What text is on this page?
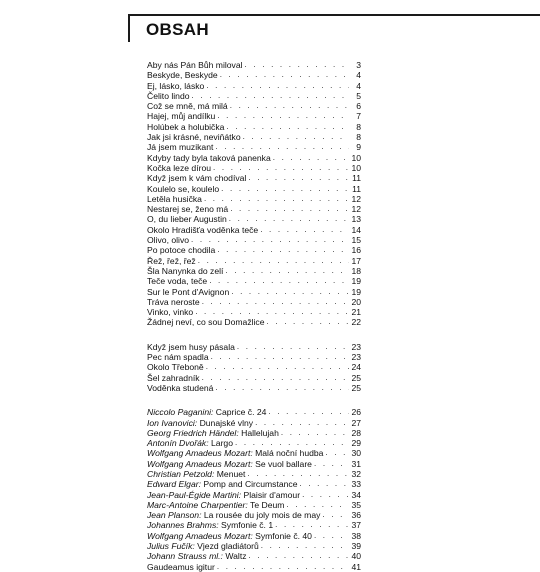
OBSAH
Aby nás Pán Bůh miloval . . .	3
Beskyde, Beskyde . . .	4
Ej, lásko, lásko . . .	4
Čelito lindo . . .	5
Což se mně, má milá . . .	6
Hajej, můj andílku . . .	7
Holúbek a holubička . . .	8
Jak jsi krásné, neviňátko . . .	8
Já jsem muzikant . . .	9
Kdyby tady byla taková panenka . . .	10
Kočka leze dírou . . .	10
Když jsem k vám chodíval . . .	11
Koulelo se, koulelo . . .	11
Letěla husička . . .	12
Nestarej se, ženo má . . .	12
O, du lieber Augustin . . .	13
Okolo Hradišťa voděnka teče . . .	14
Olivo, olivo . . .	15
Po potoce chodila . . .	16
Řež, řež, řež . . .	17
Šla Nanynka do zelí . . .	18
Teče voda, teče . . .	19
Sur le Pont d'Avignon . . .	19
Tráva neroste . . .	20
Vinko, vinko . . .	21
Žádnej neví, co sou Domažlice . . .	22
Když jsem husy pásala . . .	23
Pec nám spadla . . .	23
Okolo Třeboně . . .	24
Šel zahradník . . .	25
Voděnka studená . . .	25
Niccolo Paganini: Caprice č. 24 . . .	26
Ion Ivanovici: Dunajské vlny . . .	27
Georg Friedrich Händel: Hallelujah . . .	28
Antonín Dvořák: Largo . . .	29
Wolfgang Amadeus Mozart: Malá noční hudba . . .	30
Wolfgang Amadeus Mozart: Se vuol ballare . . .	31
Christian Petzold: Menuet . . .	32
Edward Elgar: Pomp and Circumstance . . .	33
Jean-Paul-Égide Martini: Plaisir d'amour . . .	34
Marc-Antoine Charpentier: Te Deum . . .	35
Jean Planson: La rousée du joly mois de may . . .	36
Johannes Brahms: Symfonie č. 1 . . .	37
Wolfgang Amadeus Mozart: Symfonie č. 40 . . .	38
Julius Fučík: Vjezd gladiátorů . . .	39
Johann Strauss ml.: Waltz . . .	40
Gaudeamus igitur . . .	41
